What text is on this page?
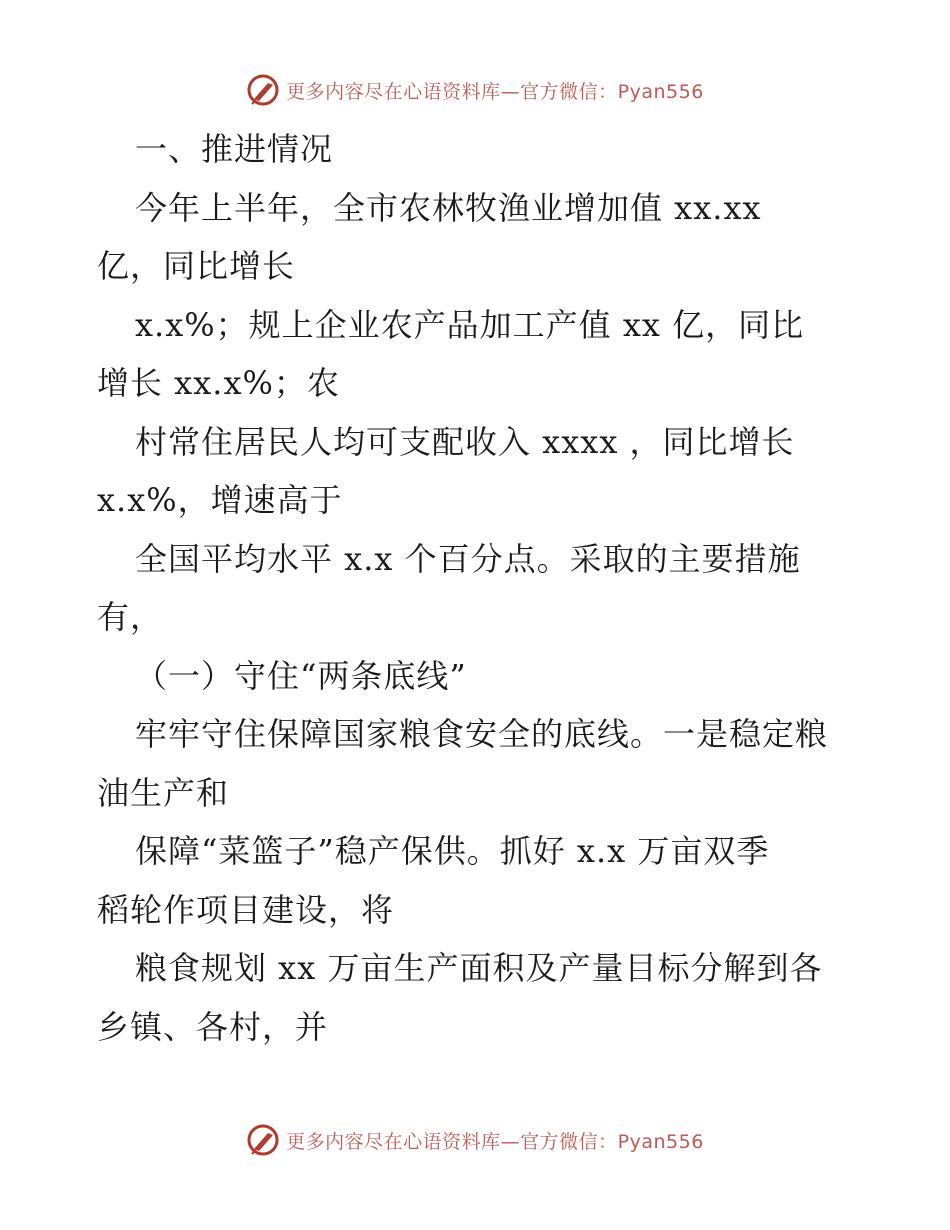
更多内容尽在心语资料库—官方微信：Pyan556
一、推进情况
今年上半年，全市农林牧渔业增加值 xx.xx
亿，同比增长
x.x%；规上企业农产品加工产值 xx 亿，同比
增长 xx.x%；农
村常住居民人均可支配收入 xxxx ，同比增长
x.x%，增速高于
全国平均水平 x.x 个百分点。采取的主要措施
有，
（一）守住“两条底线”
牢牢守住保障国家粮食安全的底线。一是稳定粮
油生产和
保障“菜篮子”稳产保供。抓好 x.x 万亩双季
稻轮作项目建设，将
粮食规划 xx 万亩生产面积及产量目标分解到各
乡镇、各村，并
更多内容尽在心语资料库—官方微信：Pyan556
